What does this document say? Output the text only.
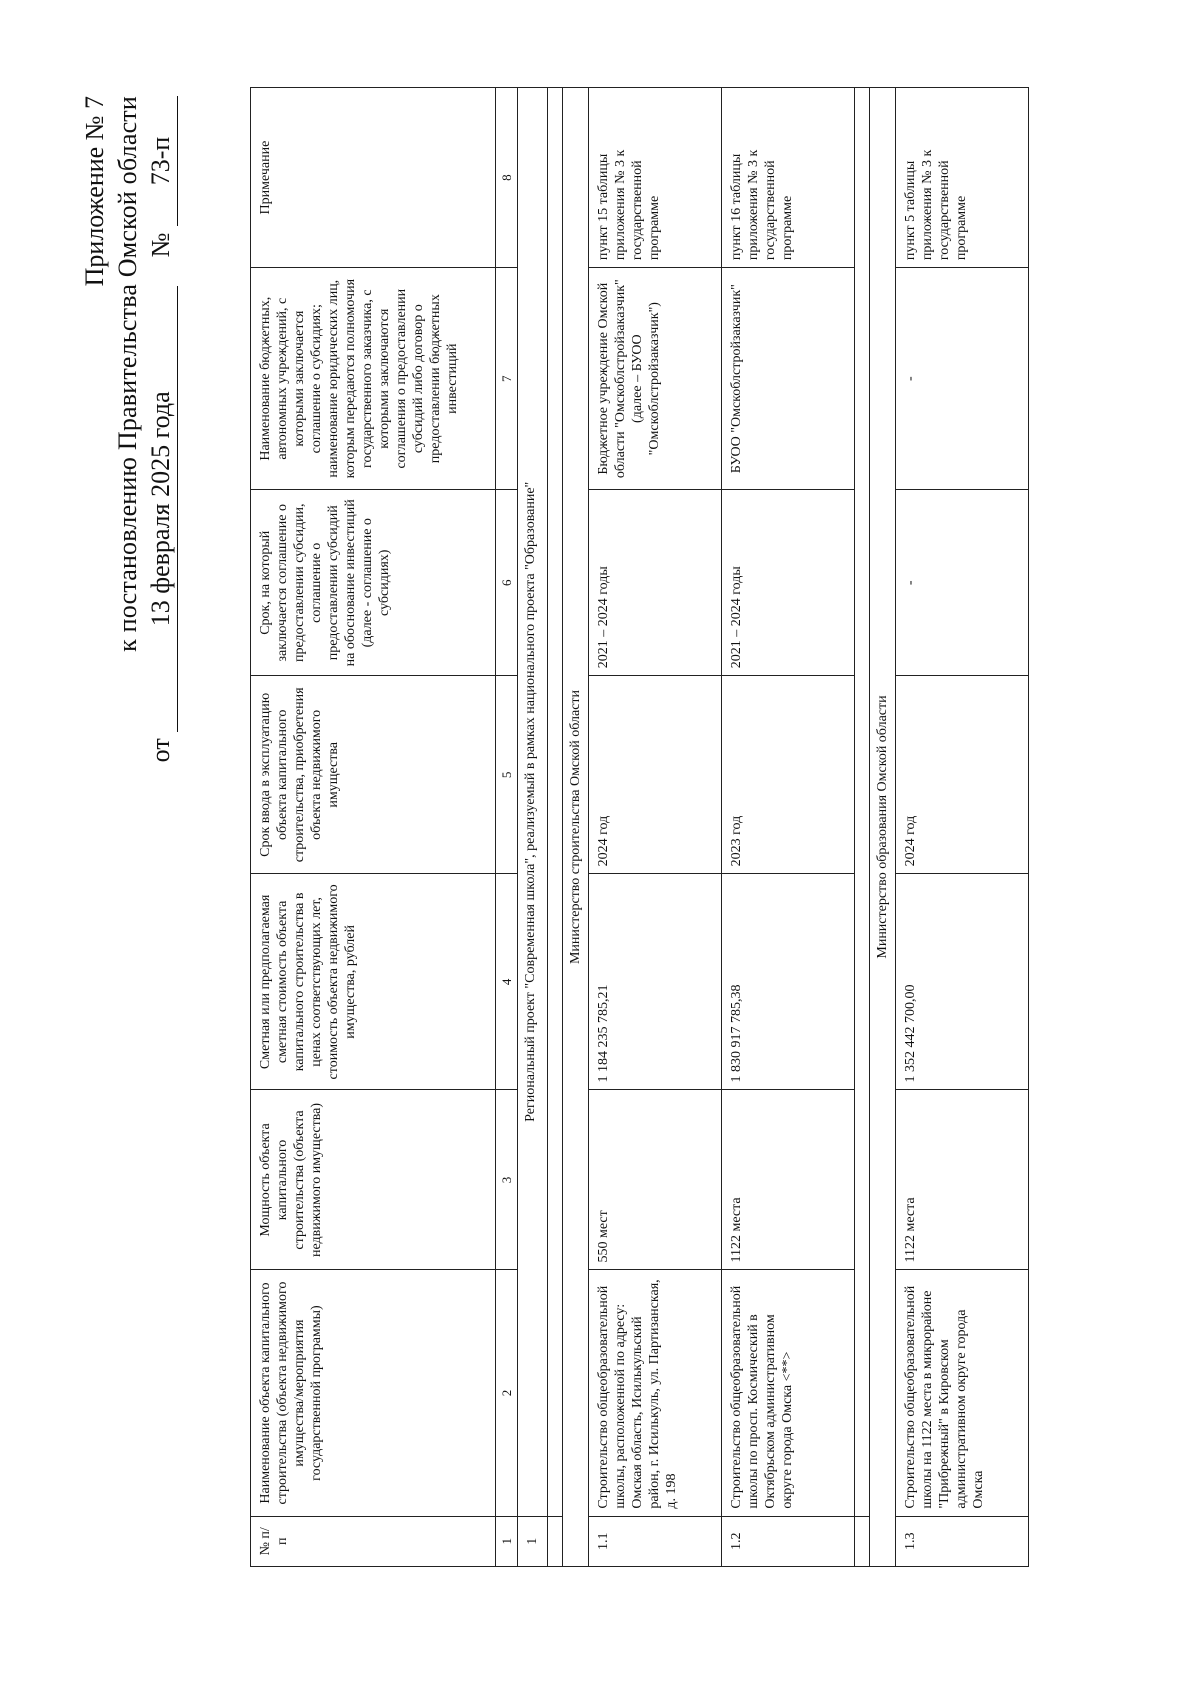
Приложение № 7 к постановлению Правительства Омской области
от 13 февраля 2025 года № 73-п
№ п/п	Наименование объекта капитального строительства (объекта недвижимого имущества/мероприятия государственной программы)	Мощность объекта капитального строительства (объекта недвижимого имущества)	Сметная или предполагаемая сметная стоимость объекта капитального строительства в ценах соответствующих лет, стоимость объекта недвижимого имущества, рублей	Срок ввода в эксплуатацию объекта капитального строительства, приобретения объекта недвижимого имущества	Срок, на который заключается соглашение о предоставлении субсидии, соглашение о предоставлении субсидий на обоснование инвестиций (далее - соглашение о субсидиях)	Наименование бюджетных, автономных учреждений, с которыми заключается соглашение о субсидиях; наименование юридических лиц, которым передаются полномочия государственного заказчика, с которыми заключаются соглашения о предоставлении субсидий либо договор о предоставлении бюджетных инвестиций	Примечание
1	2	3	4	5	6	7	8
1	Региональный проект "Современная школа", реализуемый в рамках национального проекта "Образование"						

Министерство строительства Омской области							
1.1	Строительство общеобразовательной школы, расположенной по адресу: Омская область, Исилькульский район, г. Исилькуль, ул. Партизанская, д. 198	550 мест	1 184 235 785,21	2024 год	2021 – 2024 годы	Бюджетное учреждение Омской области "Омскоблстройзаказчик" (далее – БУОО "Омскоблстройзаказчик")	пункт 15 таблицы приложения № 3 к государственной программе
1.2	Строительство общеобразовательной школы по просп. Космический в Октябрьском административном округе города Омска <**>	1122 места	1 830 917 785,38	2023 год	2021 – 2024 годы	БУОО "Омскоблстройзаказчик"	пункт 16 таблицы приложения № 3 к государственной программе

Министерство образования Омской области							
1.3	Строительство общеобразовательной школы на 1122 места в микрорайоне "Прибрежный" в Кировском административном округе города Омска	1122 места	1 352 442 700,00	2024 год	-	-	пункт 5 таблицы приложения № 3 к государственной программе
